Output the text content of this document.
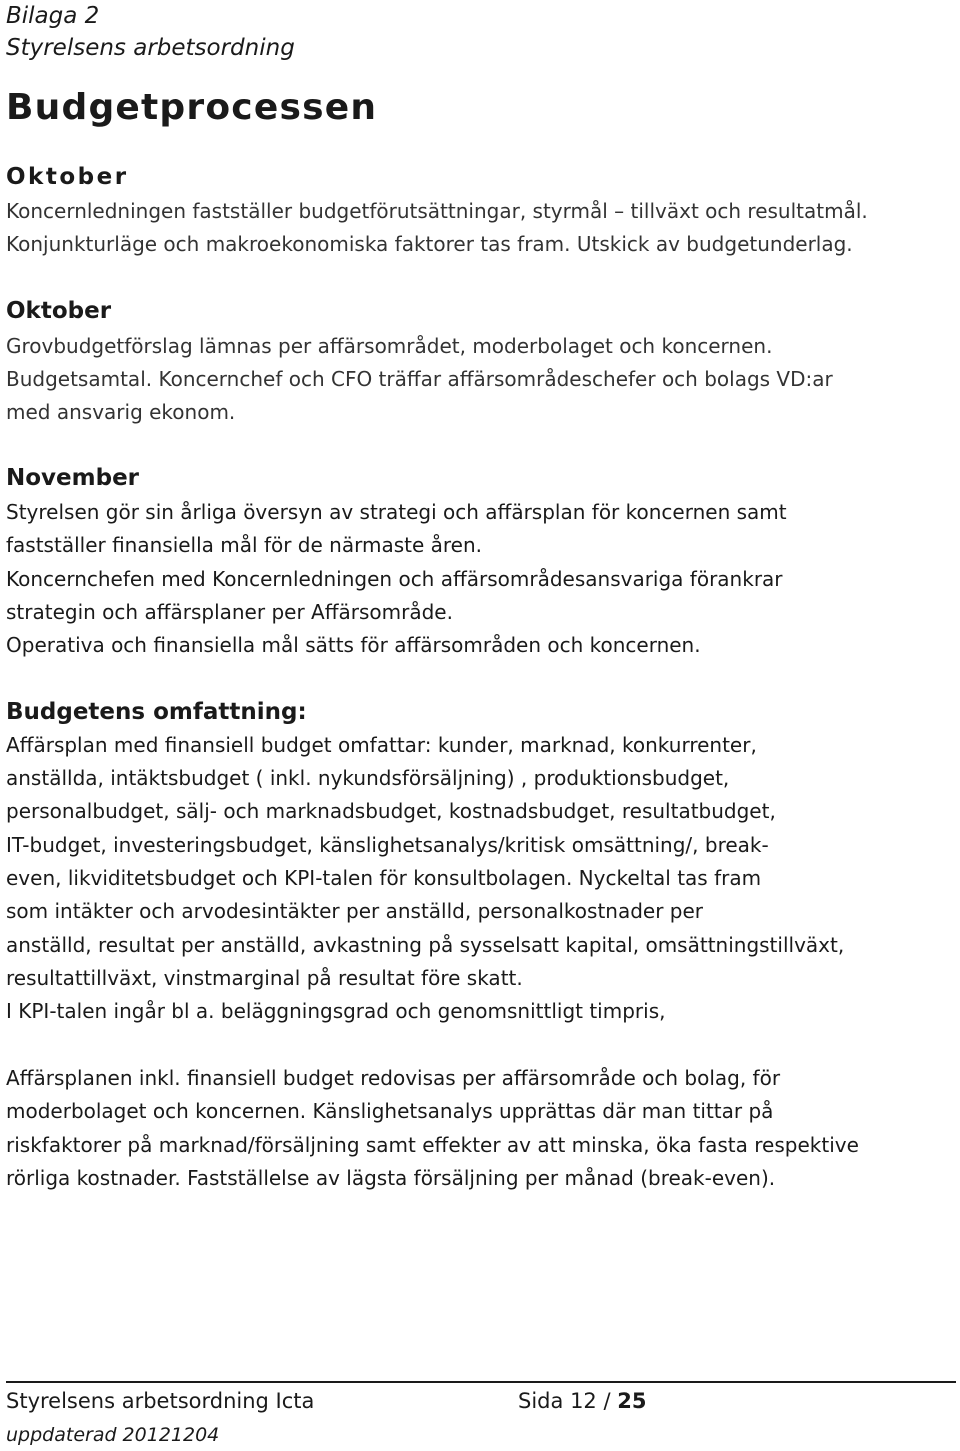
Bilaga 2
Styrelsens arbetsordning
Budgetprocessen
Oktober
Koncernledningen fastställer budgetförutsättningar, styrmål – tillväxt och resultatmål.
Konjunkturläge och makroekonomiska faktorer tas fram. Utskick av budgetunderlag.
Oktober
Grovbudgetförslag lämnas per affärsområdet, moderbolaget och koncernen.
Budgetsamtal. Koncernchef och CFO träffar affärsområdeschefer och bolags VD:ar
med ansvarig ekonom.
November
Styrelsen gör sin årliga översyn av strategi och affärsplan för koncernen samt
fastställer finansiella mål för de närmaste åren.
Koncernchefen med Koncernledningen och affärsområdesansvariga förankrar
strategin och affärsplaner per Affärsområde.
Operativa och finansiella mål sätts för affärsområden och koncernen.
Budgetens omfattning:
Affärsplan med finansiell budget omfattar: kunder, marknad, konkurrenter,
anställda, intäktsbudget ( inkl. nykundsförsäljning) , produktionsbudget,
personalbudget, sälj- och marknadsbudget, kostnadsbudget, resultatbudget,
IT-budget, investeringsbudget, känslighetsanalys/kritisk omsättning/, break-
even, likviditetsbudget och KPI-talen för konsultbolagen. Nyckeltal tas fram
som intäkter och arvodesintäkter per anställd, personalkostnader per
anställd, resultat per anställd, avkastning på sysselsatt kapital, omsättningstillväxt,
resultattillväxt, vinstmarginal på resultat före skatt.
I KPI-talen ingår bl a. beläggningsgrad och genomsnittligt timpris,
Affärsplanen inkl. finansiell budget redovisas per affärsområde och bolag, för
moderbolaget och koncernen. Känslighetsanalys upprättas där man tittar på
riskfaktorer på marknad/försäljning samt effekter av att minska, öka fasta respektive
rörliga kostnader. Fastställelse av lägsta försäljning per månad (break-even).
Styrelsens arbetsordning Icta	Sida 12 / 25
uppdaterad 20121204
